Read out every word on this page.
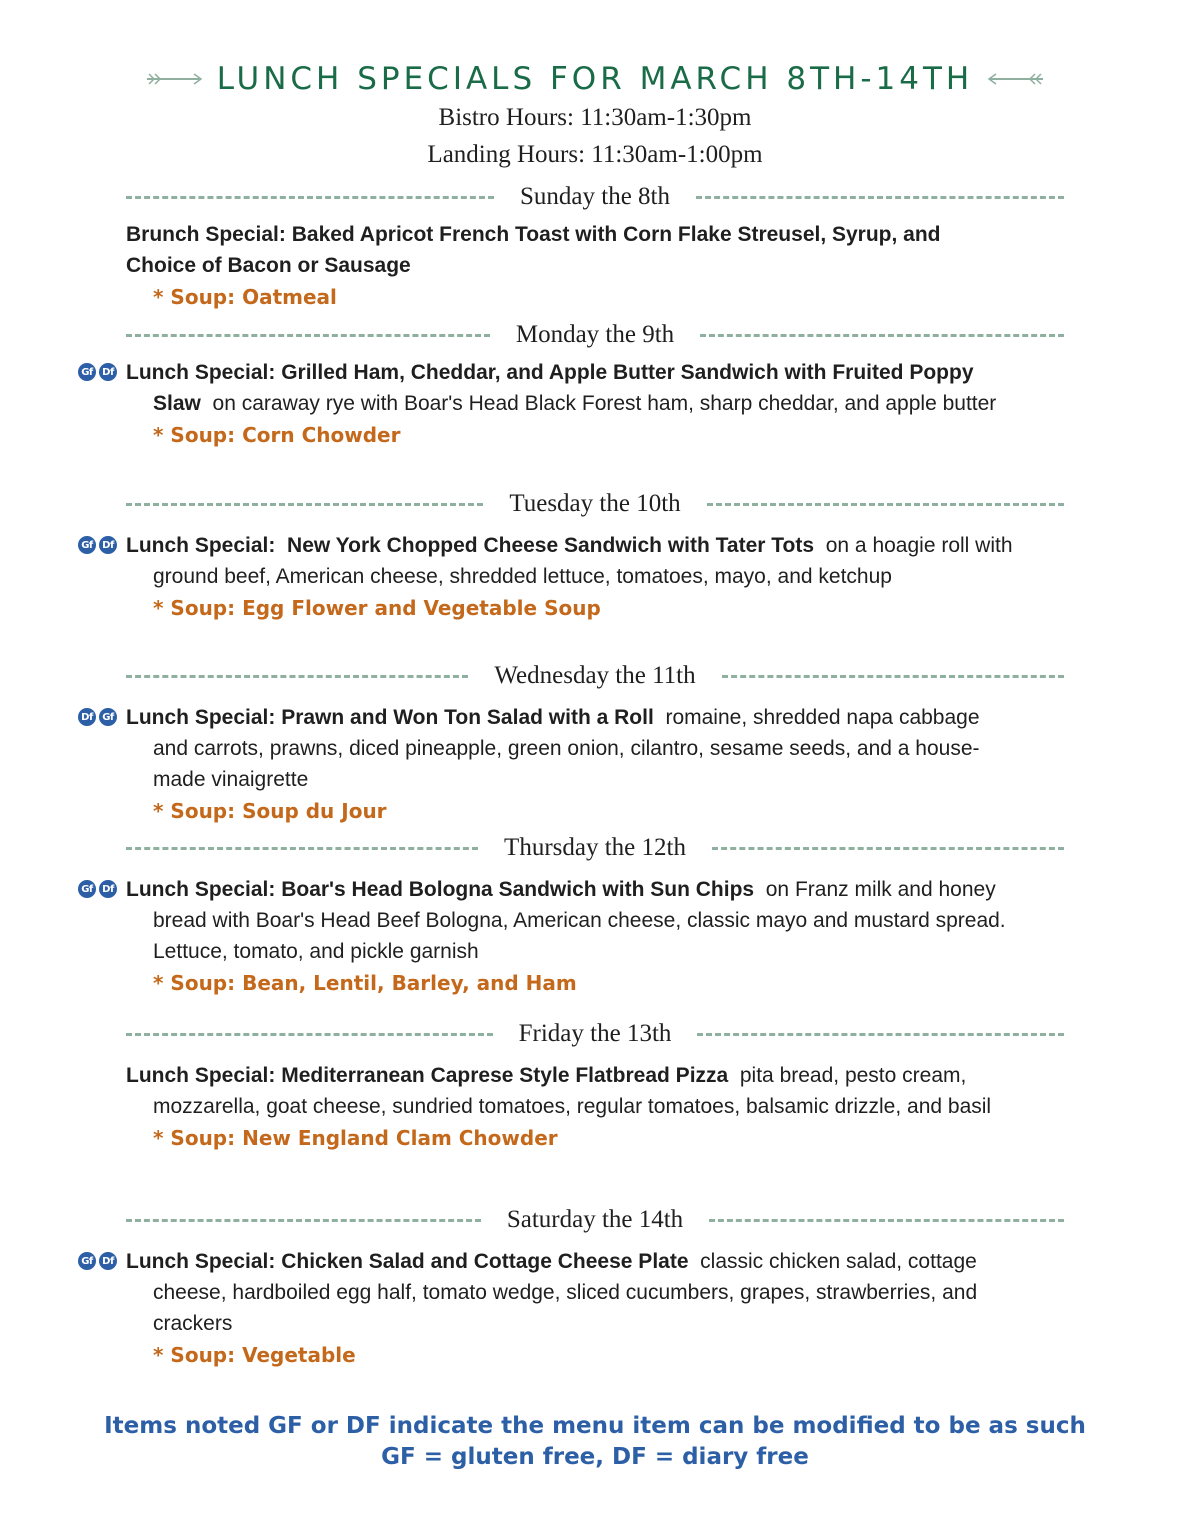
LUNCH SPECIALS FOR MARCH 8TH-14TH
Bistro Hours: 11:30am-1:30pm
Landing Hours: 11:30am-1:00pm
Sunday the 8th
Brunch Special: Baked Apricot French Toast with Corn Flake Streusel, Syrup, and Choice of Bacon or Sausage
* Soup: Oatmeal
Monday the 9th
Gf Df Lunch Special: Grilled Ham, Cheddar, and Apple Butter Sandwich with Fruited Poppy Slaw on caraway rye with Boar's Head Black Forest ham, sharp cheddar, and apple butter
* Soup: Corn Chowder
Tuesday the 10th
Gf Df Lunch Special: New York Chopped Cheese Sandwich with Tater Tots on a hoagie roll with ground beef, American cheese, shredded lettuce, tomatoes, mayo, and ketchup
* Soup: Egg Flower and Vegetable Soup
Wednesday the 11th
Df Gf Lunch Special: Prawn and Won Ton Salad with a Roll romaine, shredded napa cabbage and carrots, prawns, diced pineapple, green onion, cilantro, sesame seeds, and a house-made vinaigrette
* Soup: Soup du Jour
Thursday the 12th
Gf Df Lunch Special: Boar's Head Bologna Sandwich with Sun Chips on Franz milk and honey bread with Boar's Head Beef Bologna, American cheese, classic mayo and mustard spread. Lettuce, tomato, and pickle garnish
* Soup: Bean, Lentil, Barley, and Ham
Friday the 13th
Lunch Special: Mediterranean Caprese Style Flatbread Pizza pita bread, pesto cream, mozzarella, goat cheese, sundried tomatoes, regular tomatoes, balsamic drizzle, and basil
* Soup: New England Clam Chowder
Saturday the 14th
Gf Df Lunch Special: Chicken Salad and Cottage Cheese Plate classic chicken salad, cottage cheese, hardboiled egg half, tomato wedge, sliced cucumbers, grapes, strawberries, and crackers
* Soup: Vegetable
Items noted GF or DF indicate the menu item can be modified to be as such
GF = gluten free, DF = diary free
